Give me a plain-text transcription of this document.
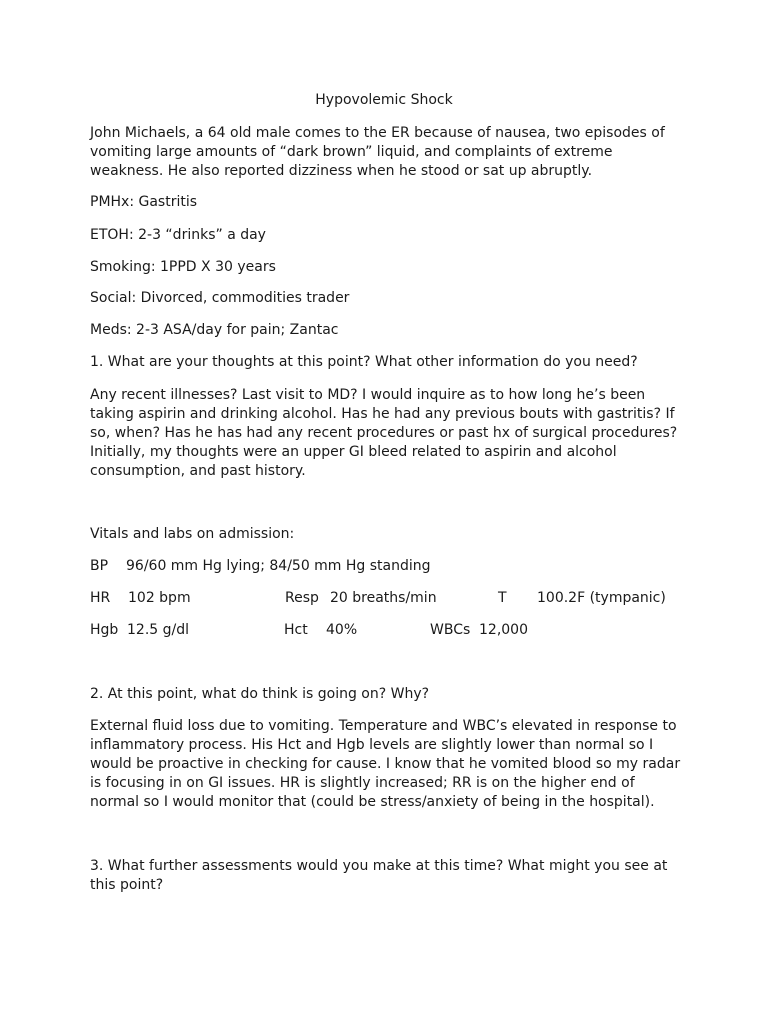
Hypovolemic Shock

John Michaels, a 64 old male comes to the ER because of nausea, two episodes of

vomiting large amounts of “dark brown” liquid, and complaints of extreme

weakness. He also reported dizziness when he stood or sat up abruptly.

PMHx: Gastritis
ETOH: 2-3 “drinks” a day
Smoking: 1PPD X 30 years
Social: Divorced, commodities trader
Meds: 2-3 ASA/day for pain; Zantac
1. What are your thoughts at this point? What other information do you need?

Any recent illnesses? Last visit to MD? I would inquire as to how long he’s been

taking aspirin and drinking alcohol. Has he had any previous bouts with gastritis? If

so, when? Has he has had any recent procedures or past hx of surgical procedures?

Initially, my thoughts were an upper GI bleed related to aspirin and alcohol

consumption, and past history.

Vitals and labs on admission:
BP 96/60 mm Hg lying; 84/50 mm Hg standing
HR 102 bpm	Resp 20 breaths/min	T 100.2F (tympanic)
Hgb 12.5 g/dl	Hct 40%	WBCs 12,000
2. At this point, what do think is going on? Why?

External fluid loss due to vomiting. Temperature and WBC’s elevated in response to

inflammatory process. His Hct and Hgb levels are slightly lower than normal so I

would be proactive in checking for cause. I know that he vomited blood so my radar

is focusing in on GI issues. HR is slightly increased; RR is on the higher end of

normal so I would monitor that (could be stress/anxiety of being in the hospital).

3. What further assessments would you make at this time? What might you see at

this point?
